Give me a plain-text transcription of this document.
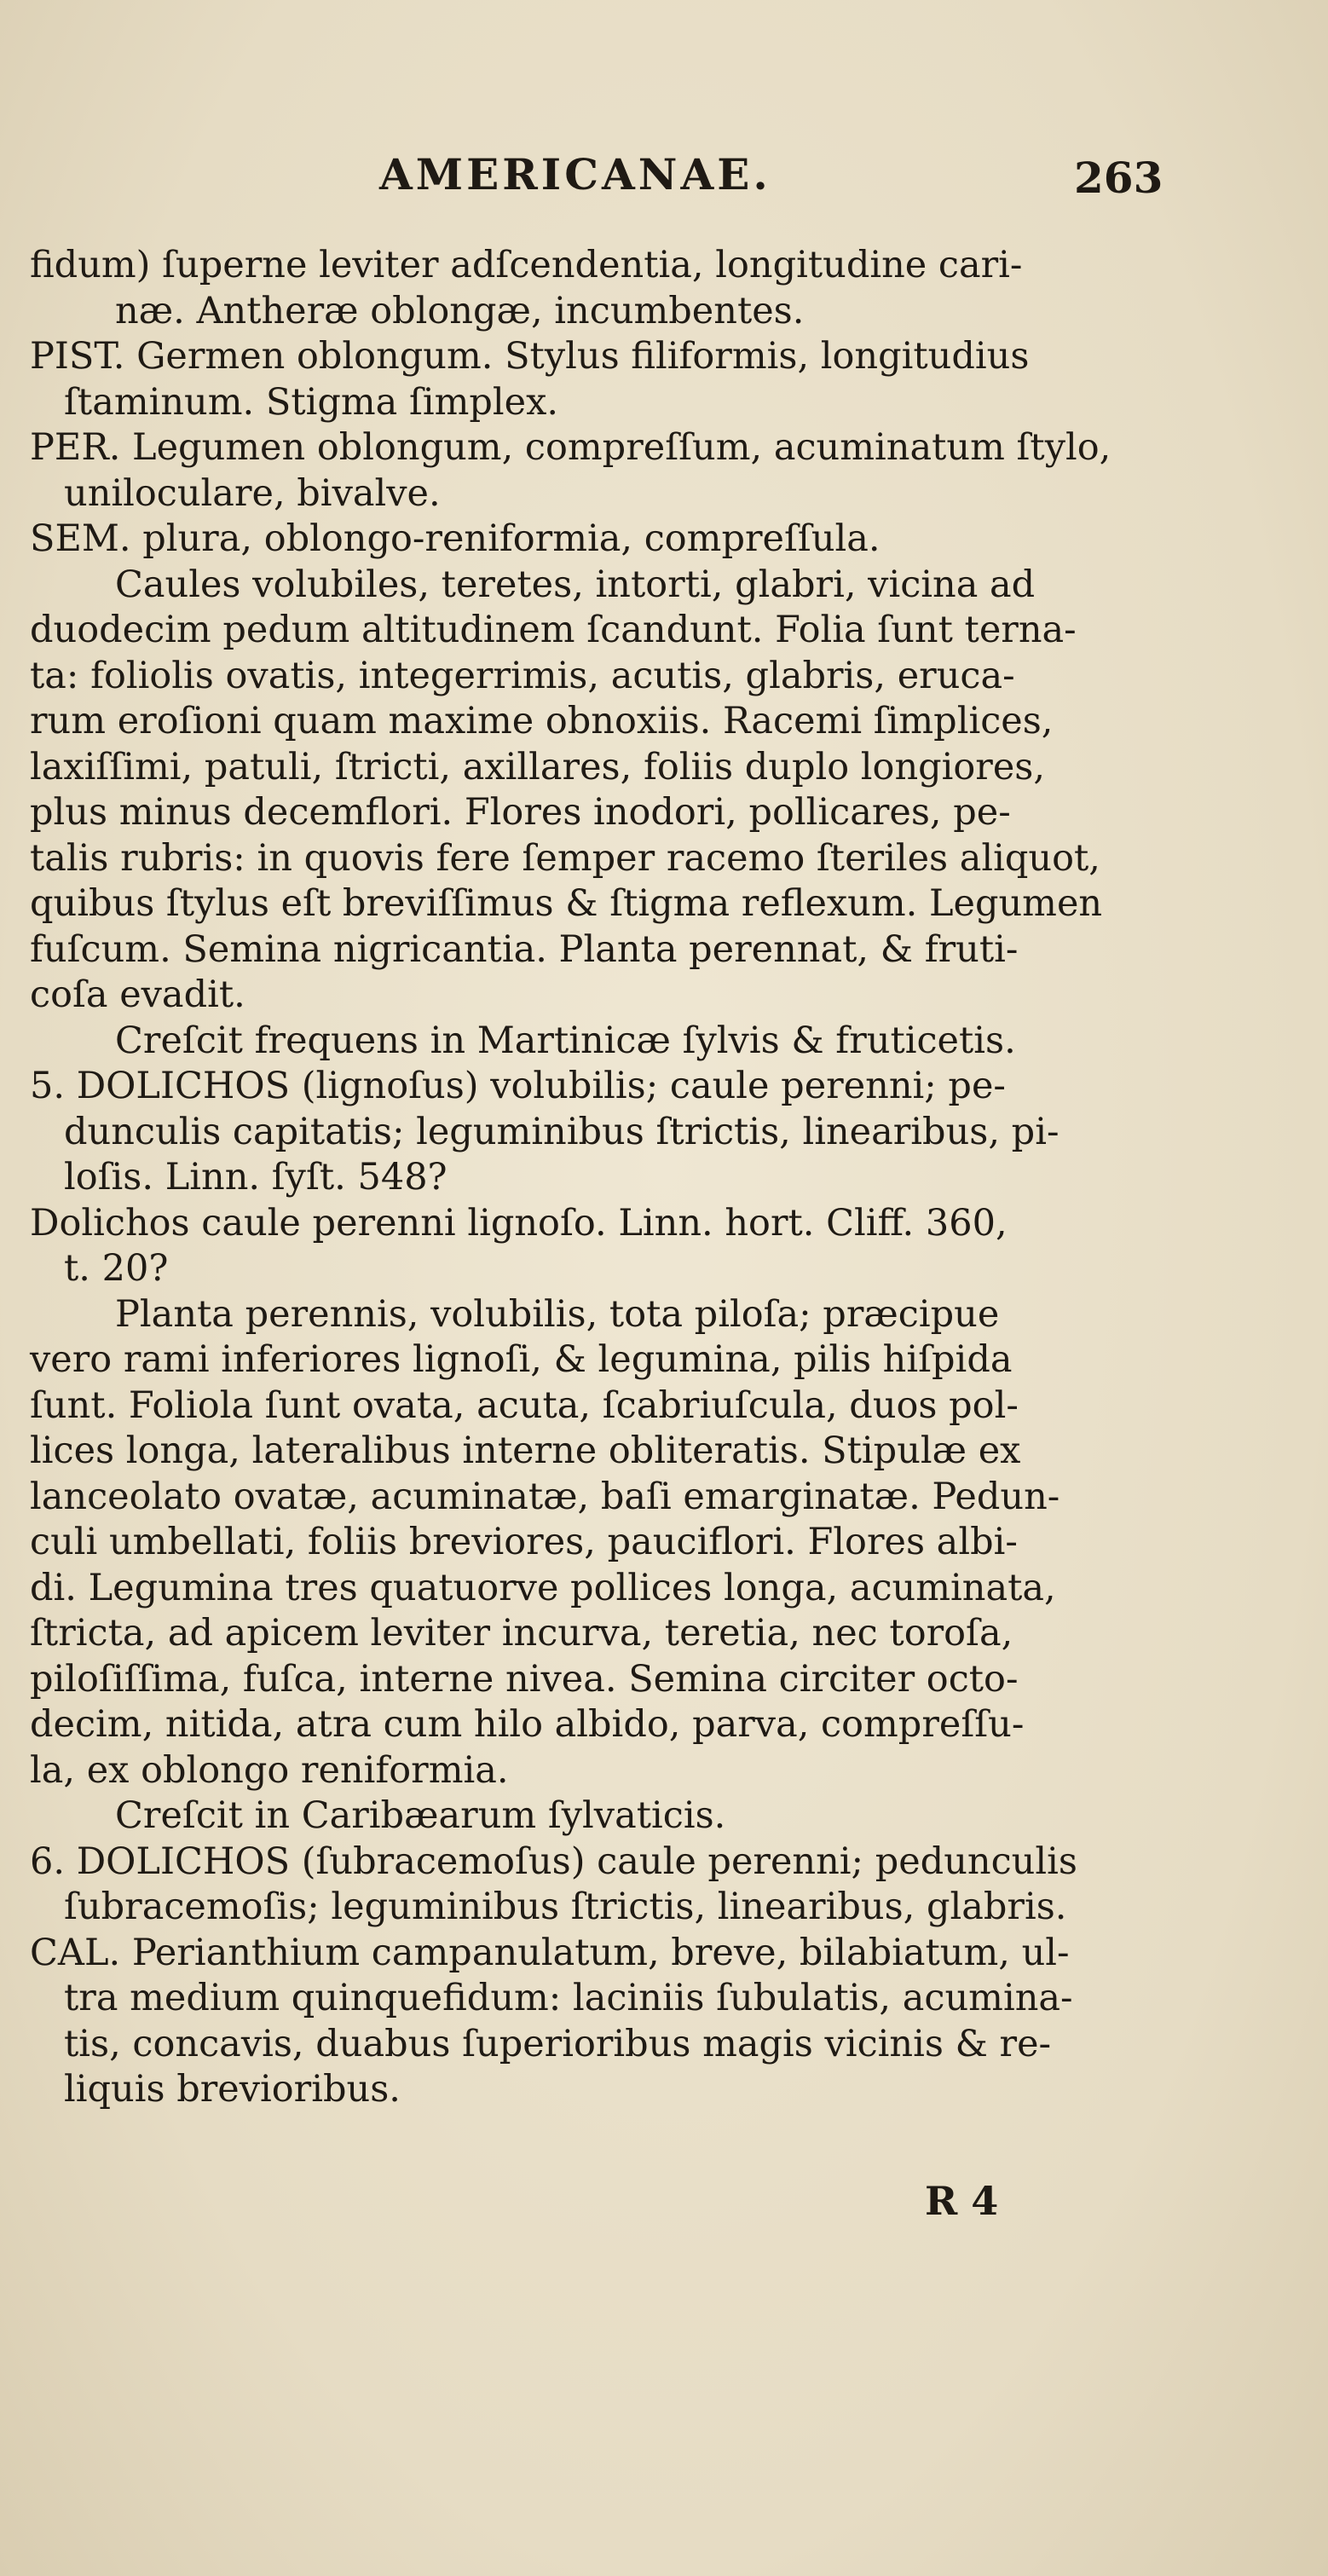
AMERICANAE.	263
fidum) ſuperne leviter adſcendentia, longitudine cari-
næ. Antheræ oblongæ, incumbentes.
PIST. Germen oblongum. Stylus filiformis, longitudius
ſtaminum. Stigma ſimplex.
PER. Legumen oblongum, compreſſum, acuminatum ſtylo,
uniloculare, bivalve.
SEM. plura, oblongo-reniformia, compreſſula.
Caules volubiles, teretes, intorti, glabri, vicina ad
duodecim pedum altitudinem ſcandunt. Folia ſunt terna-
ta: foliolis ovatis, integerrimis, acutis, glabris, eruca-
rum eroſioni quam maxime obnoxiis. Racemi ſimplices,
laxiſſimi, patuli, ſtricti, axillares, foliis duplo longiores,
plus minus decemflori. Flores inodori, pollicares, pe-
talis rubris: in quovis fere ſemper racemo ſteriles aliquot,
quibus ſtylus eſt breviſſimus & ſtigma reflexum. Legumen
fuſcum. Semina nigricantia. Planta perennat, & fruti-
coſa evadit.
Creſcit frequens in Martinicæ ſylvis & fruticetis.
5. DOLICHOS (lignoſus) volubilis; caule perenni; pe-
dunculis capitatis; leguminibus ſtrictis, linearibus, pi-
loſis. Linn. ſyſt. 548?
Dolichos caule perenni lignoſo. Linn. hort. Cliff. 360,
t. 20?
Planta perennis, volubilis, tota piloſa; præcipue
vero rami inferiores lignoſi, & legumina, pilis hiſpida
ſunt. Foliola ſunt ovata, acuta, ſcabriuſcula, duos pol-
lices longa, lateralibus interne obliteratis. Stipulæ ex
lanceolato ovatæ, acuminatæ, baſi emarginatæ. Pedun-
culi umbellati, foliis breviores, pauciflori. Flores albi-
di. Legumina tres quatuorve pollices longa, acuminata,
ſtricta, ad apicem leviter incurva, teretia, nec toroſa,
piloſiſſima, fuſca, interne nivea. Semina circiter octo-
decim, nitida, atra cum hilo albido, parva, compreſſu-
la, ex oblongo reniformia.
Creſcit in Caribæarum ſylvaticis.
6. DOLICHOS (ſubracemoſus) caule perenni; pedunculis
ſubracemoſis; leguminibus ſtrictis, linearibus, glabris.
CAL. Perianthium campanulatum, breve, bilabiatum, ul-
tra medium quinquefidum: laciniis ſubulatis, acumina-
tis, concavis, duabus ſuperioribus magis vicinis & re-
liquis brevioribus.
R 4
